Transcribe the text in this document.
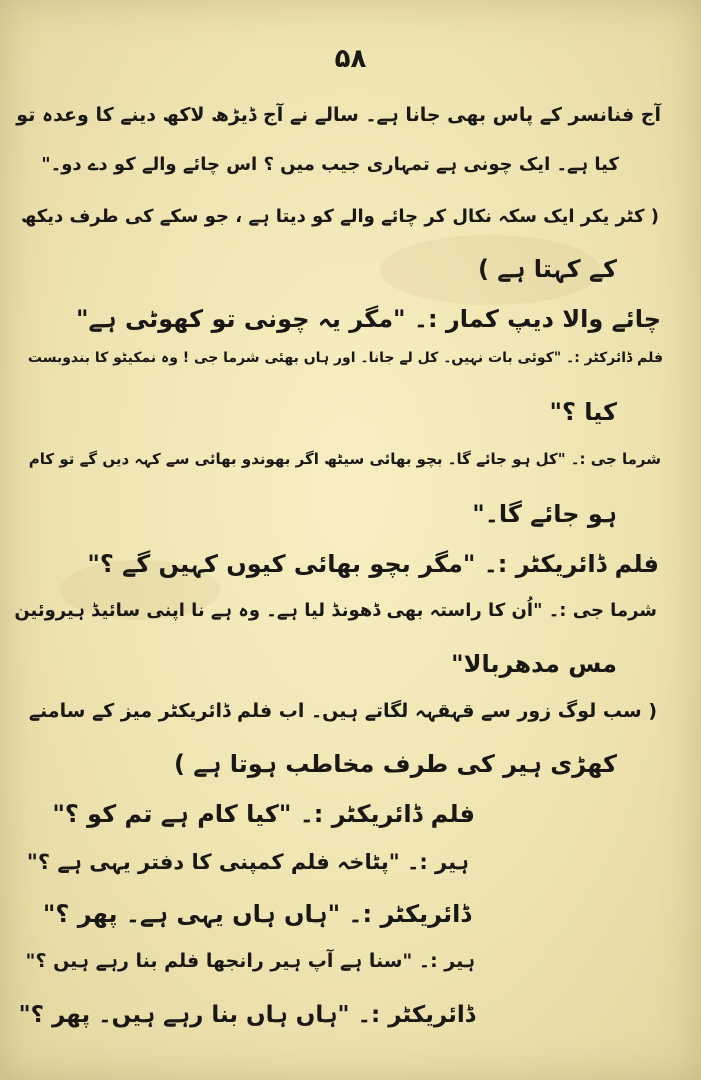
۵۸
آج فنانسر کے پاس بھی جانا ہے۔ سالے نے آج ڈیڑھ لاکھ دینے کا وعدہ تو
کیا ہے۔ ایک چونی ہے تمہاری جیب میں ؟ اس چائے والے کو دے دو۔"
( کٹر یکر ایک سکہ نکال کر چائے والے کو دیتا ہے ، جو سکے کی طرف دیکھ
کے کہتا ہے )
چائے والا دیپ کمار :۔ "مگر یہ چونی تو کھوٹی ہے"
فلم ڈائرکٹر :۔ "کوئی بات نہیں۔ کل لے جانا۔ اور ہاں بھئی شرما جی ! وہ نمکیٹو کا بندوبست
کیا ؟"
شرما جی :۔ "کل ہو جائے گا۔ بچو بھائی سیٹھ اگر بھوندو بھائی سے کہہ دیں گے تو کام
ہو جائے گا۔"
فلم ڈائریکٹر :۔ "مگر بچو بھائی کیوں کہیں گے ؟"
شرما جی :۔ "اُن کا راستہ بھی ڈھونڈ لیا ہے۔ وہ ہے نا اپنی سائیڈ ہیروئین
مس مدھربالا"
( سب لوگ زور سے قہقہہ لگاتے ہیں۔ اب فلم ڈائریکٹر میز کے سامنے
کھڑی ہیر کی طرف مخاطب ہوتا ہے )
فلم ڈائریکٹر :۔ "کیا کام ہے تم کو ؟"
ہیر :۔ "پٹاخہ فلم کمپنی کا دفتر یہی ہے ؟"
ڈائریکٹر :۔ "ہاں ہاں یہی ہے۔ پھر ؟"
ہیر :۔ "سنا ہے آپ ہیر رانجھا فلم بنا رہے ہیں ؟"
ڈائریکٹر :۔ "ہاں ہاں بنا رہے ہیں۔ پھر ؟"
